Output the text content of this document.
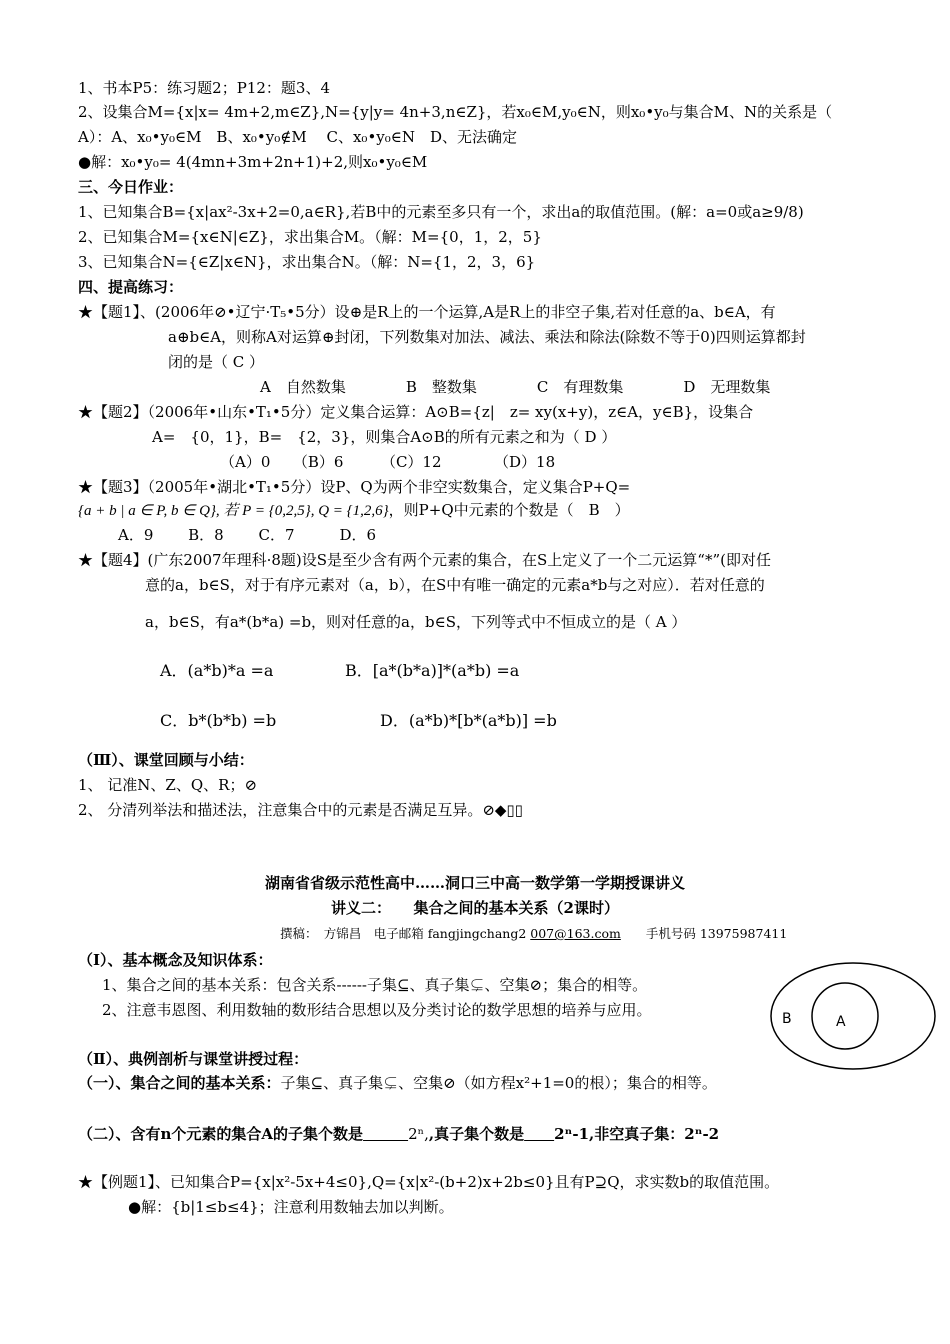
1、书本P5：练习题2；P12：题3、4
2、设集合M={x|x= 4m+2,m∈Z},N={y|y= 4n+3,n∈Z}，若x₀∈M,y₀∈N，则x₀•y₀与集合M、N的关系是（
A）：A、x₀•y₀∈M　B、x₀•y₀∉M　 C、x₀•y₀∈N　D、无法确定
●解：x₀•y₀= 4(4mn+3m+2n+1)+2,则x₀•y₀∈M
三、今日作业：
1、已知集合B={x|ax²-3x+2=0,a∈R},若B中的元素至多只有一个，求出a的取值范围。(解：a=0或a≥9/8)
2、已知集合M={x∈N|∈Z}，求出集合M。（解：M={0，1，2，5}
3、已知集合N={∈Z|x∈N}，求出集合N。（解：N={1，2，3，6}
四、提高练习：
★【题1】、(2006年⊘•辽宁·T₅•5分）设⊕是R上的一个运算,A是R上的非空子集,若对任意的a、b∈A，有
a⊕b∈A，则称A对运算⊕封闭，下列数集对加法、减法、乘法和除法(除数不等于0)四则运算都封
闭的是（ C ）
A　自然数集　　　　B　整数集　　　　C　有理数集　　　　D　无理数集
★【题2】（2006年•山东•T₁•5分）定义集合运算：A⊙B={z|　z= xy(x+y)，z∈A，y∈B}，设集合
A=　{0，1}，B=　{2，3}，则集合A⊙B的所有元素之和为（ D ）
（A）0　　（B）6　　　（C）12　　　　（D）18
★【题3】（2005年•湖北•T₁•5分）设P、Q为两个非空实数集合，定义集合P+Q=
{a + b | a ∈ P, b ∈ Q}, 若 P = {0,2,5}, Q = {1,2,6}，则P+Q中元素的个数是（　B　）
A．9　　 B．8　　 C．7　　　D．6
★【题4】(广东2007年理科·8题)设S是至少含有两个元素的集合，在S上定义了一个二元运算“*”(即对任
意的a，b∈S，对于有序元素对（a，b），在S中有唯一确定的元素a*b与之对应）．若对任意的
a，b∈S，有a*(b*a) =b，则对任意的a，b∈S，下列等式中不恒成立的是（ A ）
A．(a*b)*a =a	B．[a*(b*a)]*(a*b) =a
C．b*(b*b) =b	D．(a*b)*[b*(a*b)] =b
（Ⅲ）、课堂回顾与小结：
1、 记准N、Z、Q、R；⊘
2、 分清列举法和描述法，注意集合中的元素是否满足互异。⊘◆▯▯
湖南省省级示范性高中……洞口三中高一数学第一学期授课讲义
讲义二：　　集合之间的基本关系（2课时）
撰稿：　方锦昌　电子邮箱 fangjingchang2 007@163.com　　手机号码 13975987411
（Ⅰ）、基本概念及知识体系：
1、集合之间的基本关系：包含关系------子集⊆、真子集⊊、空集⊘；集合的相等。
2、注意韦恩图、利用数轴的数形结合思想以及分类讨论的数学思想的培养与应用。	B	A
（Ⅱ）、典例剖析与课堂讲授过程：
（一）、集合之间的基本关系：子集⊆、真子集⊊、空集⊘（如方程x²+1=0的根）；集合的相等。
（二）、含有n个元素的集合A的子集个数是　　　	2ⁿ,,真子集个数是　　 2ⁿ-1,非空真子集：2ⁿ-2
★【例题1】、已知集合P={x|x²-5x+4≤0},Q={x|x²-(b+2)x+2b≤0}且有P⊇Q，求实数b的取值范围。
●解：{b|1≤b≤4}；注意利用数轴去加以判断。
